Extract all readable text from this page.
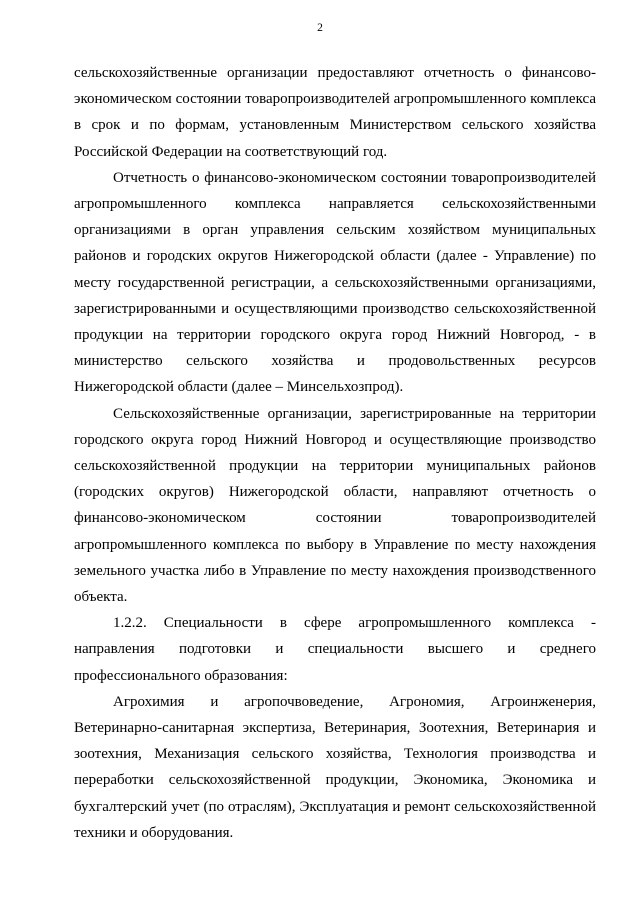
2

сельскохозяйственные организации предоставляют отчетность о финансово-экономическом состоянии товаропроизводителей агропромышленного комплекса в срок и по формам, установленным Министерством сельского хозяйства Российской Федерации на соответствующий год.

Отчетность о финансово-экономическом состоянии товаропроизводителей агропромышленного комплекса направляется сельскохозяйственными организациями в орган управления сельским хозяйством муниципальных районов и городских округов Нижегородской области (далее - Управление) по месту государственной регистрации, а сельскохозяйственными организациями, зарегистрированными и осуществляющими производство сельскохозяйственной продукции на территории городского округа город Нижний Новгород, - в министерство сельского хозяйства и продовольственных ресурсов Нижегородской области (далее – Минсельхозпрод).

Сельскохозяйственные организации, зарегистрированные на территории городского округа город Нижний Новгород и осуществляющие производство сельскохозяйственной продукции на территории муниципальных районов (городских округов) Нижегородской области, направляют отчетность о финансово-экономическом состоянии товаропроизводителей агропромышленного комплекса по выбору в Управление по месту нахождения земельного участка либо в Управление по месту нахождения производственного объекта.

1.2.2. Специальности в сфере агропромышленного комплекса - направления подготовки и специальности высшего и среднего профессионального образования:

Агрохимия и агропочвоведение, Агрономия, Агроинженерия, Ветеринарно-санитарная экспертиза, Ветеринария, Зоотехния, Ветеринария и зоотехния, Механизация сельского хозяйства, Технология производства и переработки сельскохозяйственной продукции, Экономика, Экономика и бухгалтерский учет (по отраслям), Эксплуатация и ремонт сельскохозяйственной техники и оборудования.
